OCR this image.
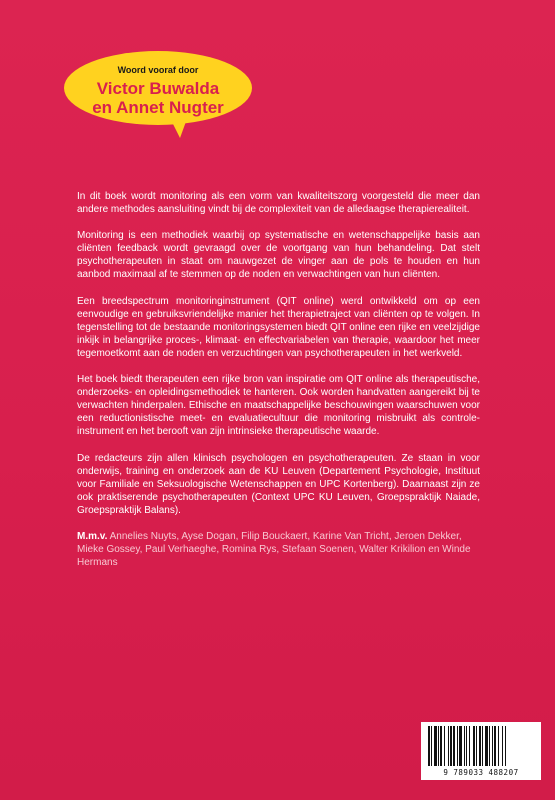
Woord vooraf door
Victor Buwalda
en Annet Nugter

In dit boek wordt monitoring als een vorm van kwaliteitszorg voorgesteld die meer dan andere methodes aansluiting vindt bij de complexiteit van de alledaagse therapierealiteit.

Monitoring is een methodiek waarbij op systematische en wetenschappelijke basis aan cliënten feedback wordt gevraagd over de voortgang van hun behandeling. Dat stelt psychotherapeuten in staat om nauwgezet de vinger aan de pols te houden en hun aanbod maximaal af te stemmen op de noden en verwachtingen van hun cliënten.

Een breedspectrum monitoringinstrument (QIT online) werd ontwikkeld om op een eenvoudige en gebruiksvriendelijke manier het therapietraject van cliënten op te volgen. In tegenstelling tot de bestaande monitoringsystemen biedt QIT online een rijke en veelzijdige inkijk in belangrijke proces-, klimaat- en effectvariabelen van therapie, waardoor het meer tegemoetkomt aan de noden en verzuchtingen van psychotherapeuten in het werkveld.

Het boek biedt therapeuten een rijke bron van inspiratie om QIT online als therapeutische, onderzoeks- en opleidingsmethodiek te hanteren. Ook worden handvatten aangereikt bij te verwachten hinderpalen. Ethische en maatschappelijke beschouwingen waarschuwen voor een reductionistische meet- en evaluatiecultuur die monitoring misbruikt als controle-instrument en het berooft van zijn intrinsieke therapeutische waarde.

De redacteurs zijn allen klinisch psychologen en psychotherapeuten. Ze staan in voor onderwijs, training en onderzoek aan de KU Leuven (Departement Psychologie, Instituut voor Familiale en Seksuologische Wetenschappen en UPC Kortenberg). Daarnaast zijn ze ook praktiserende psychotherapeuten (Context UPC KU Leuven, Groepspraktijk Naiade, Groepspraktijk Balans).

M.m.v. Annelies Nuyts, Ayse Dogan, Filip Bouckaert, Karine Van Tricht, Jeroen Dekker, Mieke Gossey, Paul Verhaeghe, Romina Rys, Stefaan Soenen, Walter Krikilion en Winde Hermans

9 789033 488207
